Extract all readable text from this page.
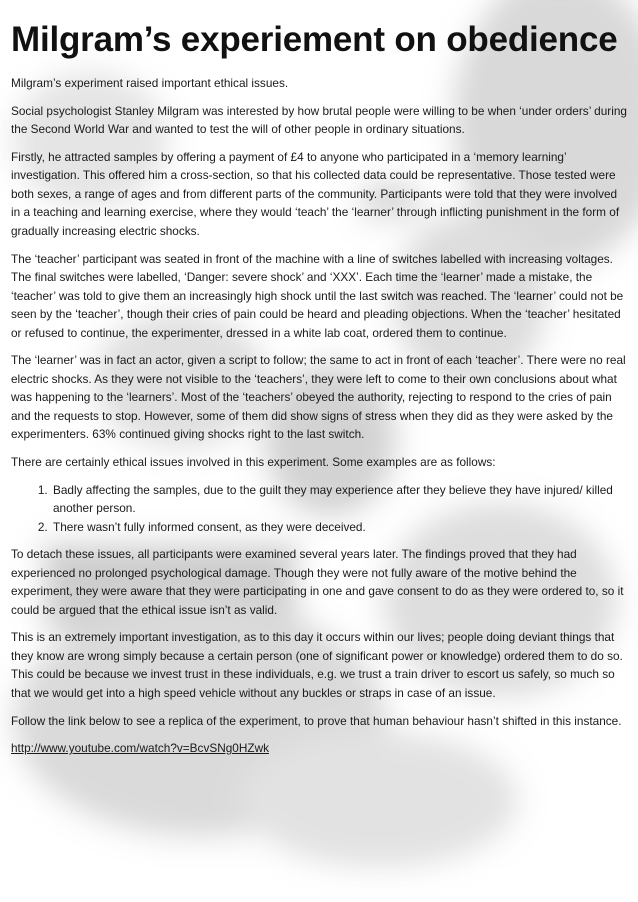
Milgram’s experiement on obedience

Milgram’s experiment raised important ethical issues.

Social psychologist Stanley Milgram was interested by how brutal people were willing to be when ‘under orders’ during the Second World War and wanted to test the will of other people in ordinary situations.

Firstly, he attracted samples by offering a payment of £4 to anyone who participated in a ‘memory learning’ investigation. This offered him a cross-section, so that his collected data could be representative. Those tested were both sexes, a range of ages and from different parts of the community. Participants were told that they were involved in a teaching and learning exercise, where they would ‘teach’ the ‘learner’ through inflicting punishment in the form of gradually increasing electric shocks.

The ‘teacher’ participant was seated in front of the machine with a line of switches labelled with increasing voltages. The final switches were labelled, ‘Danger: severe shock’ and ‘XXX’. Each time the ‘learner’ made a mistake, the ‘teacher’ was told to give them an increasingly high shock until the last switch was reached. The ‘learner’ could not be seen by the ‘teacher’, though their cries of pain could be heard and pleading objections. When the ‘teacher’ hesitated or refused to continue, the experimenter, dressed in a white lab coat, ordered them to continue.

The ‘learner’ was in fact an actor, given a script to follow; the same to act in front of each ‘teacher’. There were no real electric shocks. As they were not visible to the ‘teachers’, they were left to come to their own conclusions about what was happening to the ‘learners’. Most of the ‘teachers’ obeyed the authority, rejecting to respond to the cries of pain and the requests to stop. However, some of them did show signs of stress when they did as they were asked by the experimenters. 63% continued giving shocks right to the last switch.

There are certainly ethical issues involved in this experiment. Some examples are as follows:

1. Badly affecting the samples, due to the guilt they may experience after they believe they have injured/ killed another person.
2. There wasn’t fully informed consent, as they were deceived.

To detach these issues, all participants were examined several years later. The findings proved that they had experienced no prolonged psychological damage. Though they were not fully aware of the motive behind the experiment, they were aware that they were participating in one and gave consent to do as they were ordered to, so it could be argued that the ethical issue isn’t as valid.

This is an extremely important investigation, as to this day it occurs within our lives; people doing deviant things that they know are wrong simply because a certain person (one of significant power or knowledge) ordered them to do so. This could be because we invest trust in these individuals, e.g. we trust a train driver to escort us safely, so much so that we would get into a high speed vehicle without any buckles or straps in case of an issue.

Follow the link below to see a replica of the experiment, to prove that human behaviour hasn’t shifted in this instance.

http://www.youtube.com/watch?v=BcvSNg0HZwk
